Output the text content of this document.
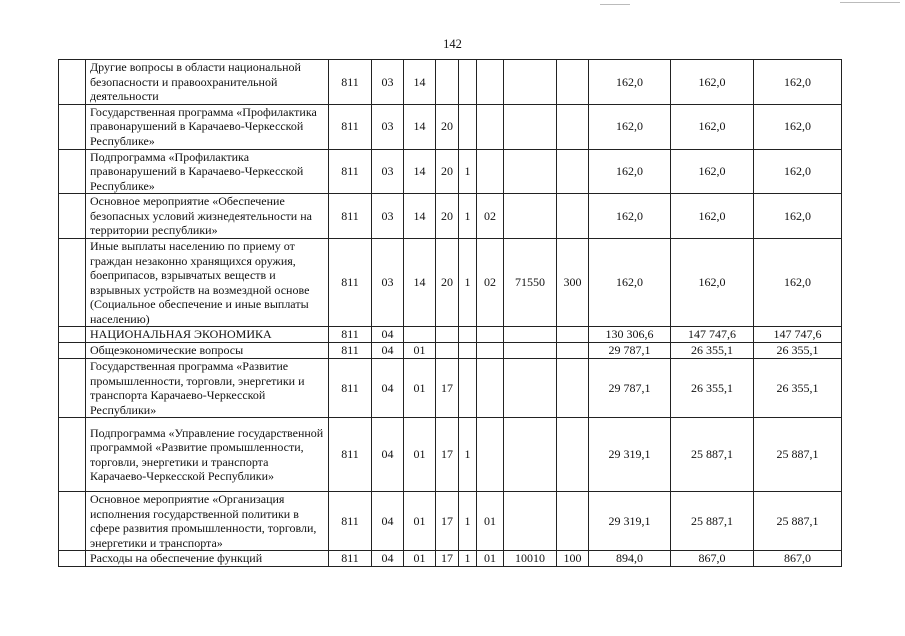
142
	Другие вопросы в области национальной безопасности и правоохранительной деятельности	811	03	14						162,0	162,0	162,0
	Государственная программа «Профилактика правонарушений в Карачаево-Черкесской Республике»	811	03	14	20					162,0	162,0	162,0
	Подпрограмма «Профилактика правонарушений в Карачаево-Черкесской Республике»	811	03	14	20	1				162,0	162,0	162,0
	Основное мероприятие «Обеспечение безопасных условий жизнедеятельности на территории республики»	811	03	14	20	1	02			162,0	162,0	162,0
	Иные выплаты населению по приему от граждан незаконно хранящихся оружия, боеприпасов, взрывчатых веществ и взрывных устройств на возмездной основе (Социальное обеспечение и иные выплаты населению)	811	03	14	20	1	02	71550	300	162,0	162,0	162,0
	НАЦИОНАЛЬНАЯ ЭКОНОМИКА	811	04							130 306,6	147 747,6	147 747,6
	Общеэкономические вопросы	811	04	01						29 787,1	26 355,1	26 355,1
	Государственная программа «Развитие промышленности, торговли, энергетики и транспорта Карачаево-Черкесской Республики»	811	04	01	17					29 787,1	26 355,1	26 355,1
	Подпрограмма «Управление государственной программой «Развитие промышленности, торговли, энергетики и транспорта Карачаево-Черкесской Республики»	811	04	01	17	1				29 319,1	25 887,1	25 887,1
	Основное мероприятие «Организация исполнения государственной политики в сфере развития промышленности, торговли, энергетики и транспорта»	811	04	01	17	1	01			29 319,1	25 887,1	25 887,1
	Расходы на обеспечение функций	811	04	01	17	1	01	10010	100	894,0	867,0	867,0
